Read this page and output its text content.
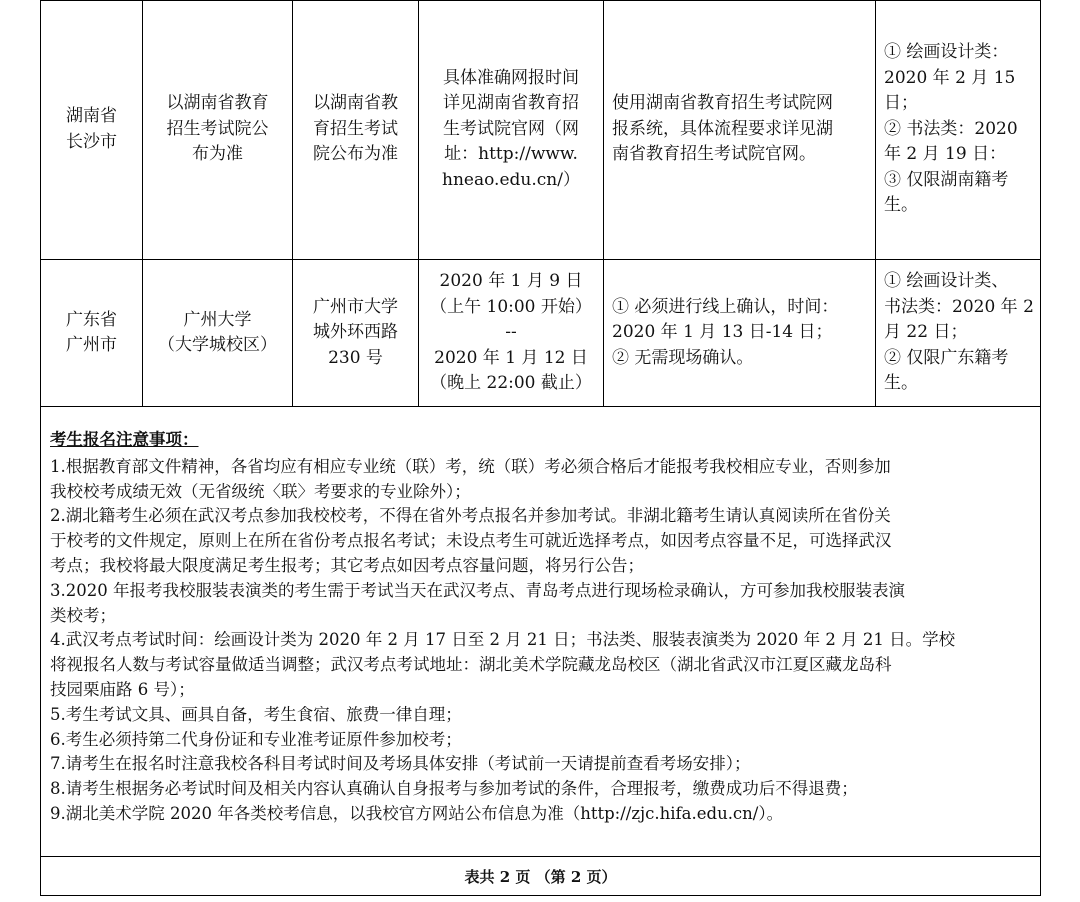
湖南省
长沙市
以湖南省教育
招生考试院公
布为准
以湖南省教
育招生考试
院公布为准
具体准确网报时间
详见湖南省教育招
生考试院官网（网
址：http://www.
hneao.edu.cn/）
使用湖南省教育招生考试院网
报系统，具体流程要求详见湖
南省教育招生考试院官网。
① 绘画设计类：
2020 年 2 月 15 日；
② 书法类：2020
年 2 月 19 日：
③ 仅限湖南籍考
生。
广东省
广州市
广州大学
（大学城校区）
广州市大学
城外环西路
230 号
2020 年 1 月 9 日
（上午 10:00 开始）
--
2020 年 1 月 12 日
（晚上 22:00 截止）
① 必须进行线上确认，时间：
2020 年 1 月 13 日-14 日；
② 无需现场确认。
① 绘画设计类、
书法类：2020 年 2
月 22 日；
② 仅限广东籍考
生。
考生报名注意事项：

1.根据教育部文件精神，各省均应有相应专业统（联）考，统（联）考必须合格后才能报考我校相应专业，否则参加
我校校考成绩无效（无省级统〈联〉考要求的专业除外）；

2.湖北籍考生必须在武汉考点参加我校校考，不得在省外考点报名并参加考试。非湖北籍考生请认真阅读所在省份关
于校考的文件规定，原则上在所在省份考点报名考试；未设点考生可就近选择考点，如因考点容量不足，可选择武汉
考点；我校将最大限度满足考生报考；其它考点如因考点容量问题，将另行公告；

3.2020 年报考我校服装表演类的考生需于考试当天在武汉考点、青岛考点进行现场检录确认，方可参加我校服装表演
类校考；

4.武汉考点考试时间：绘画设计类为 2020 年 2 月 17 日至 2 月 21 日；书法类、服装表演类为 2020 年 2 月 21 日。学校
将视报名人数与考试容量做适当调整；武汉考点考试地址：湖北美术学院藏龙岛校区（湖北省武汉市江夏区藏龙岛科
技园栗庙路 6 号）；

5.考生考试文具、画具自备，考生食宿、旅费一律自理；

6.考生必须持第二代身份证和专业准考证原件参加校考；

7.请考生在报名时注意我校各科目考试时间及考场具体安排（考试前一天请提前查看考场安排）；

8.请考生根据务必考试时间及相关内容认真确认自身报考与参加考试的条件，合理报考，缴费成功后不得退费；

9.湖北美术学院 2020 年各类校考信息，以我校官方网站公布信息为准（http://zjc.hifa.edu.cn/）。

表共 2 页 （第 2 页）
